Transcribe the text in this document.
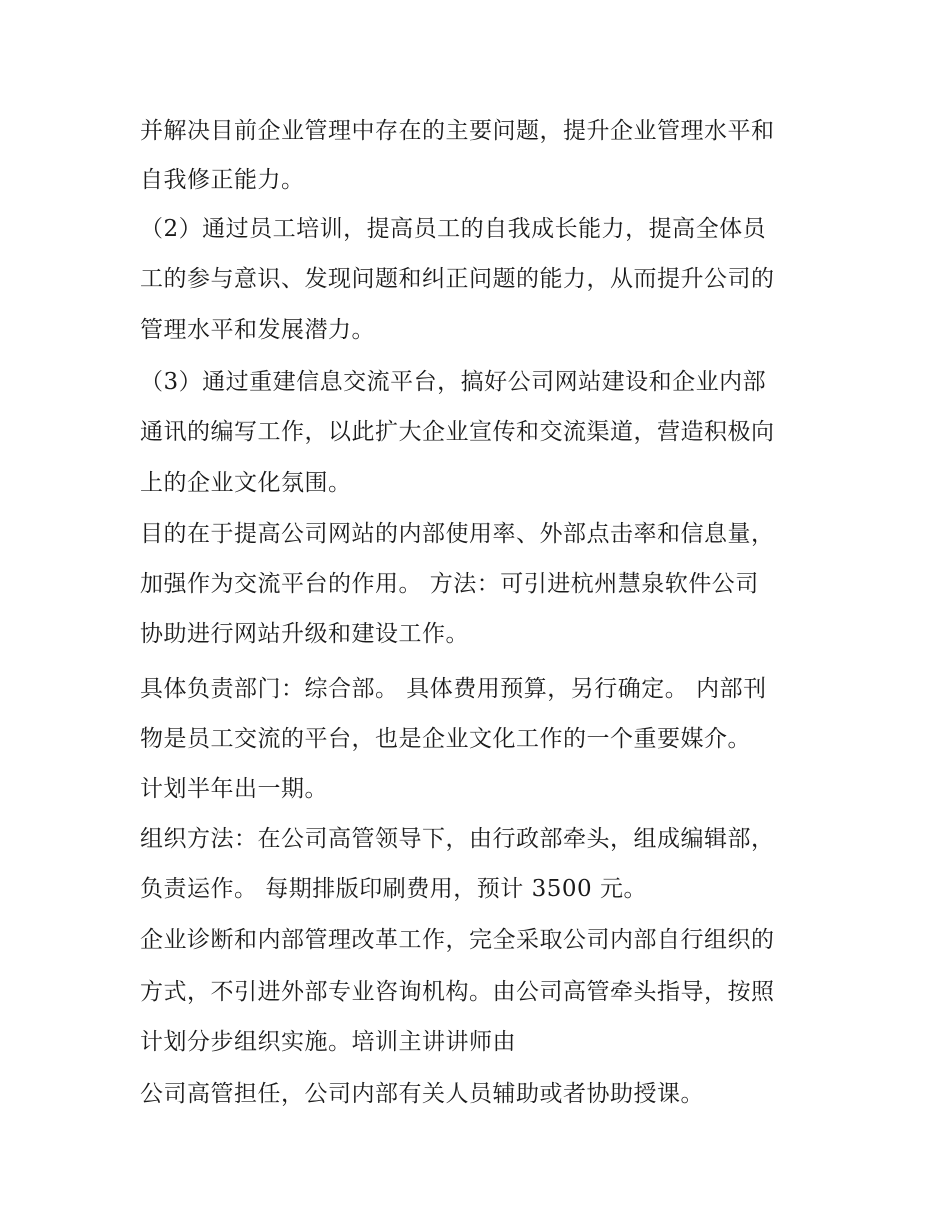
并解决目前企业管理中存在的主要问题，提升企业管理水平和
自我修正能力。
（2）通过员工培训，提高员工的自我成长能力，提高全体员
工的参与意识、发现问题和纠正问题的能力，从而提升公司的
管理水平和发展潜力。
（3）通过重建信息交流平台，搞好公司网站建设和企业内部
通讯的编写工作，以此扩大企业宣传和交流渠道，营造积极向
上的企业文化氛围。
目的在于提高公司网站的内部使用率、外部点击率和信息量，
加强作为交流平台的作用。 方法：可引进杭州慧泉软件公司
协助进行网站升级和建设工作。
具体负责部门：综合部。 具体费用预算，另行确定。 内部刊
物是员工交流的平台，也是企业文化工作的一个重要媒介。
计划半年出一期。
组织方法：在公司高管领导下，由行政部牵头，组成编辑部，
负责运作。 每期排版印刷费用，预计 3500 元。
企业诊断和内部管理改革工作，完全采取公司内部自行组织的
方式，不引进外部专业咨询机构。由公司高管牵头指导，按照
计划分步组织实施。培训主讲讲师由
公司高管担任，公司内部有关人员辅助或者协助授课。
